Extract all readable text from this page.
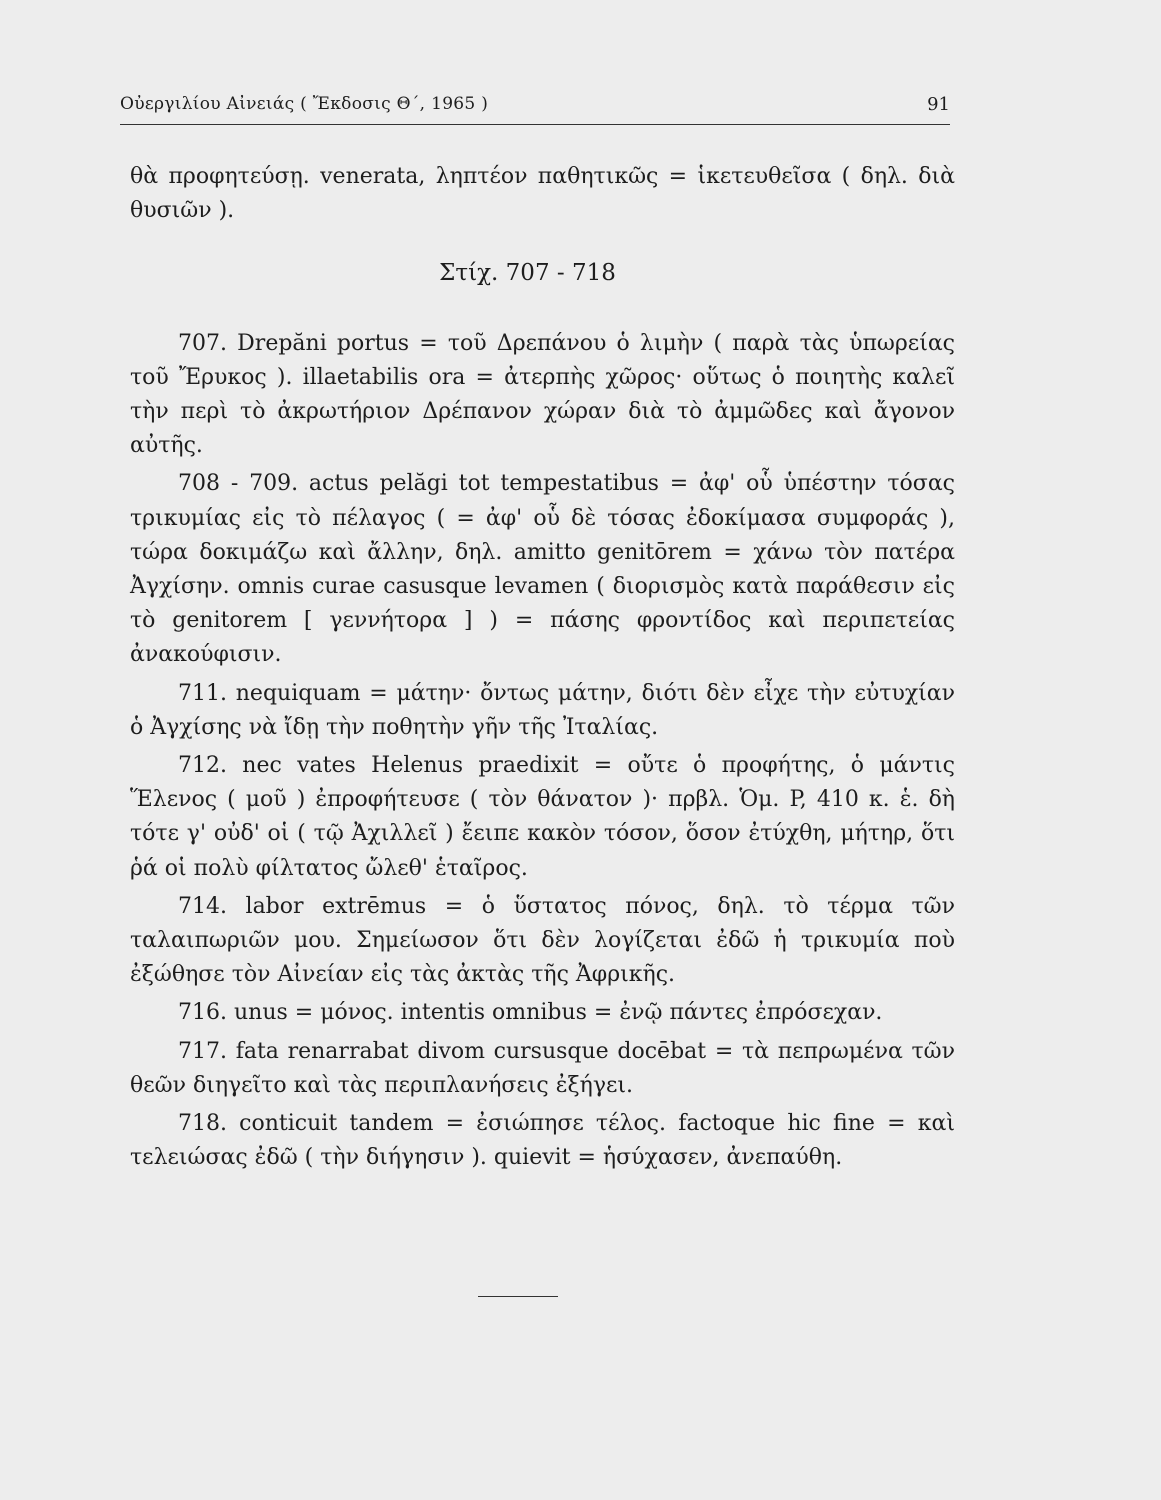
Οὐεργιλίου Αἰνειάς ( Ἔκδοσις Θ΄, 1965 )	91

θὰ προφητεύσῃ. venerata, ληπτέον παθητικῶς = ἱκετευθεῖσα ( δηλ. διὰ θυσιῶν ).

Στίχ. 707 - 718

707. Drepăni portus = τοῦ Δρεπάνου ὁ λιμὴν ( παρὰ τὰς ὑπωρείας τοῦ Ἔρυκος ). illaetabilis ora = ἀτερπὴς χῶρος· οὕτως ὁ ποιητὴς καλεῖ τὴν περὶ τὸ ἀκρωτήριον Δρέπανον χώραν διὰ τὸ ἀμμῶδες καὶ ἄγονον αὐτῆς.

708 - 709. actus pelăgi tot tempestatibus = ἀφ' οὗ ὑπέστην τόσας τρικυμίας εἰς τὸ πέλαγος ( = ἀφ' οὗ δὲ τόσας ἐδοκίμασα συμφοράς ), τώρα δοκιμάζω καὶ ἄλλην, δηλ. amitto genitōrem = χάνω τὸν πατέρα Ἀγχίσην. omnis curae casusque levamen ( διορισμὸς κατὰ παράθεσιν εἰς τὸ genitorem [ γεννήτορα ] ) = πάσης φροντίδος καὶ περιπετείας ἀνακούφισιν.

711. nequiquam = μάτην· ὄντως μάτην, διότι δὲν εἶχε τὴν εὐτυχίαν ὁ Ἀγχίσης νὰ ἴδῃ τὴν ποθητὴν γῆν τῆς Ἰταλίας.

712. nec vates Helenus praedixit = οὔτε ὁ προφήτης, ὁ μάντις Ἕλενος ( μοῦ ) ἐπροφήτευσε ( τὸν θάνατον )· πρβλ. Ὁμ. P, 410 κ. ἑ. δὴ τότε γ' οὐδ' οἱ ( τῷ Ἀχιλλεῖ ) ἔειπε κακὸν τόσον, ὅσον ἐτύχθη, μήτηρ, ὅτι ῥά οἱ πολὺ φίλτατος ὤλεθ' ἑταῖρος.

714. labor extrēmus = ὁ ὕστατος πόνος, δηλ. τὸ τέρμα τῶν ταλαιπωριῶν μου. Σημείωσον ὅτι δὲν λογίζεται ἐδῶ ἡ τρικυμία ποὺ ἐξώθησε τὸν Αἰνείαν εἰς τὰς ἀκτὰς τῆς Ἀφρικῆς.

716. unus = μόνος. intentis omnibus = ἐνῷ πάντες ἐπρόσεχαν.

717. fata renarrabat divom cursusque docēbat = τὰ πεπρωμένα τῶν θεῶν διηγεῖτο καὶ τὰς περιπλανήσεις ἐξήγει.

718. conticuit tandem = ἐσιώπησε τέλος. factoque hic fine = καὶ τελειώσας ἐδῶ ( τὴν διήγησιν ). quievit = ἡσύχασεν, ἀνεπαύθη.
